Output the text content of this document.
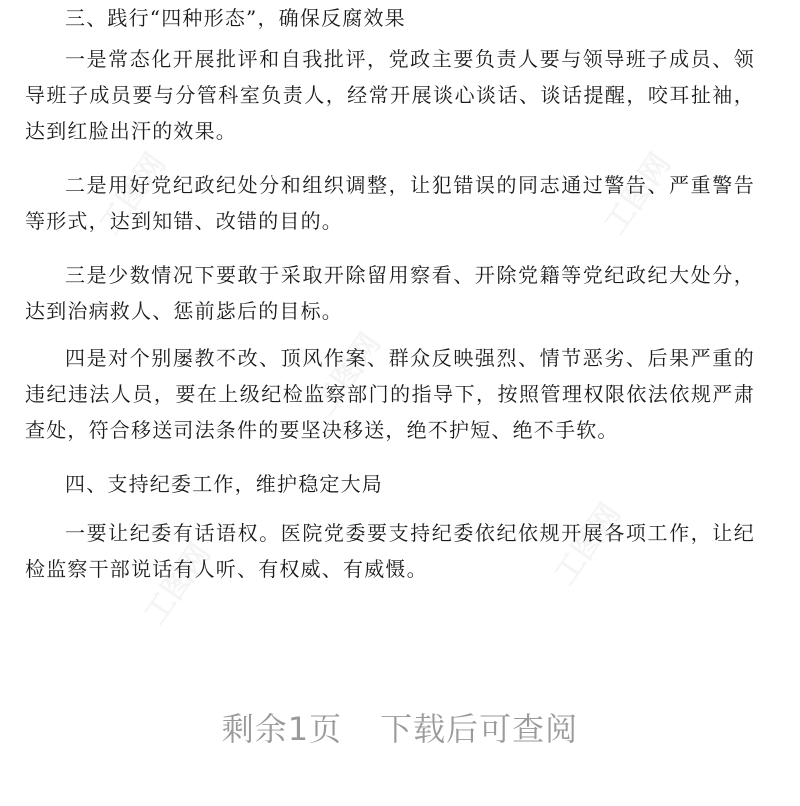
三、践行“四种形态”，确保反腐效果

一是常态化开展批评和自我批评，党政主要负责人要与领导班子成员、领导班子成员要与分管科室负责人，经常开展谈心谈话、谈话提醒，咬耳扯袖，达到红脸出汗的效果。

二是用好党纪政纪处分和组织调整，让犯错误的同志通过警告、严重警告等形式，达到知错、改错的目的。

三是少数情况下要敢于采取开除留用察看、开除党籍等党纪政纪大处分，达到治病救人、惩前毖后的目标。

四是对个别屡教不改、顶风作案、群众反映强烈、情节恶劣、后果严重的违纪违法人员，要在上级纪检监察部门的指导下，按照管理权限依法依规严肃查处，符合移送司法条件的要坚决移送，绝不护短、绝不手软。

四、支持纪委工作，维护稳定大局

一要让纪委有话语权。医院党委要支持纪委依纪依规开展各项工作，让纪检监察干部说话有人听、有权威、有威慑。

剩余1页 下载后可查阅
